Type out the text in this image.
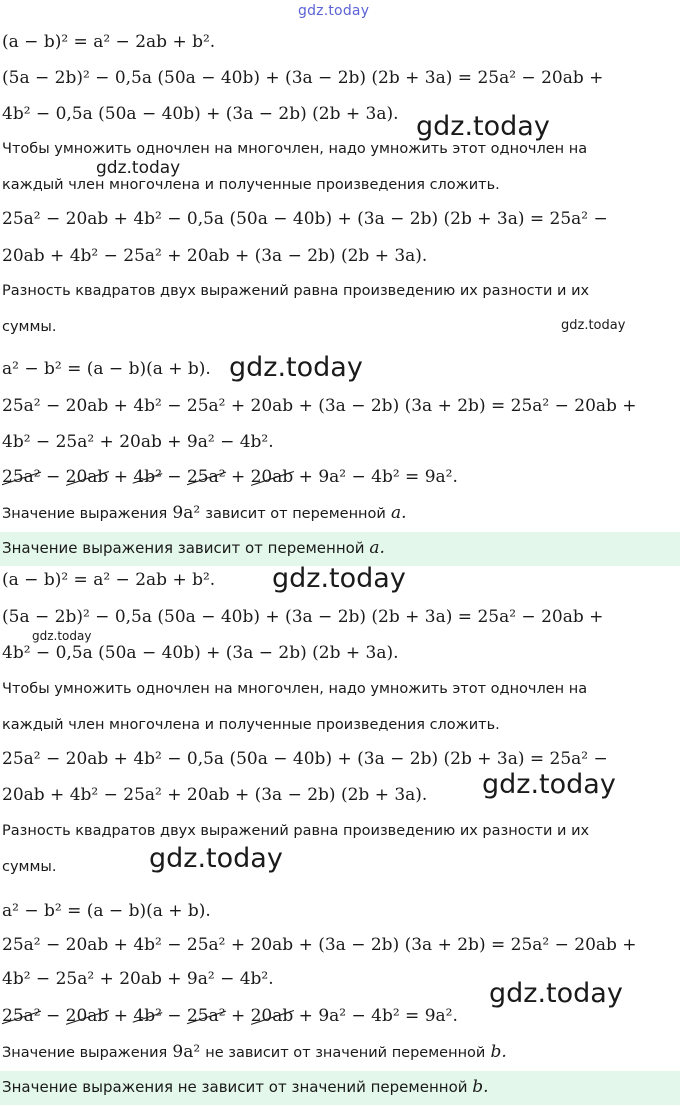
gdz.today
(a − b)² = a² − 2ab + b².
(5a − 2b)² − 0,5a (50a − 40b) + (3a − 2b) (2b + 3a) = 25a² − 20ab +
4b² − 0,5a (50a − 40b) + (3a − 2b) (2b + 3a). gdz.today
Чтобы умножить одночлен на многочлен, надо умножить этот одночлен на
gdz.today
каждый член многочлена и полученные произведения сложить.
25a² − 20ab + 4b² − 0,5a (50a − 40b) + (3a − 2b) (2b + 3a) = 25a² −
20ab + 4b² − 25a² + 20ab + (3a − 2b) (2b + 3a).
Разность квадратов двух выражений равна произведению их разности и их
суммы.	gdz.today
a² − b² = (a − b)(a + b). gdz.today
25a² − 20ab + 4b² − 25a² + 20ab + (3a − 2b) (3a + 2b) = 25a² − 20ab +
4b² − 25a² + 20ab + 9a² − 4b².
25a² − 20ab + 4b² − 25a² + 20ab + 9a² − 4b² = 9a².
Значение выражения 9a² зависит от переменной a.
Значение выражения зависит от переменной a.
(a − b)² = a² − 2ab + b². gdz.today
(5a − 2b)² − 0,5a (50a − 40b) + (3a − 2b) (2b + 3a) = 25a² − 20ab +
gdz.today
4b² − 0,5a (50a − 40b) + (3a − 2b) (2b + 3a).
Чтобы умножить одночлен на многочлен, надо умножить этот одночлен на
каждый член многочлена и полученные произведения сложить.
25a² − 20ab + 4b² − 0,5a (50a − 40b) + (3a − 2b) (2b + 3a) = 25a² −
20ab + 4b² − 25a² + 20ab + (3a − 2b) (2b + 3a). gdz.today
Разность квадратов двух выражений равна произведению их разности и их
суммы.	gdz.today
a² − b² = (a − b)(a + b).
25a² − 20ab + 4b² − 25a² + 20ab + (3a − 2b) (3a + 2b) = 25a² − 20ab +
4b² − 25a² + 20ab + 9a² − 4b².	gdz.today
25a² − 20ab + 4b² − 25a² + 20ab + 9a² − 4b² = 9a².
Значение выражения 9a² не зависит от значений переменной b.
Значение выражения не зависит от значений переменной b.
